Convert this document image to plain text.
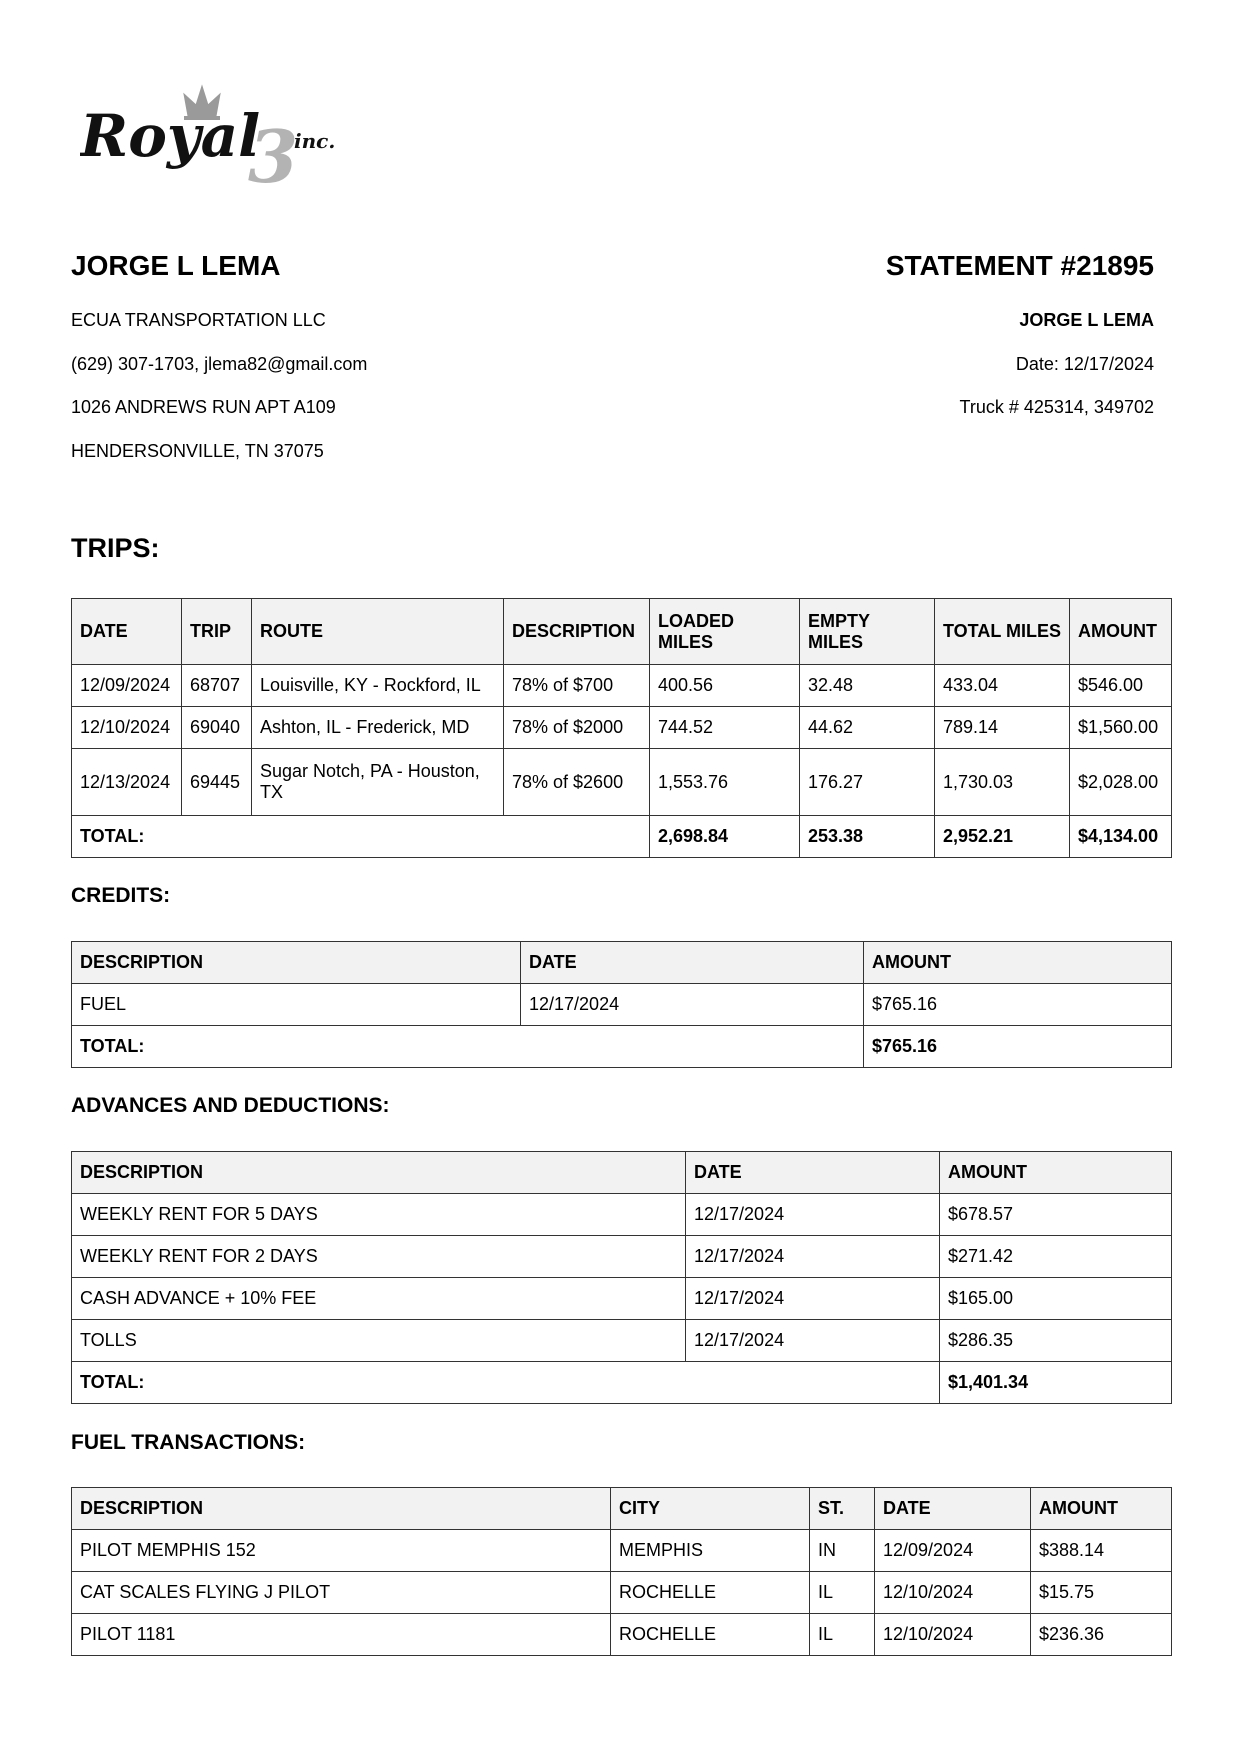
3
Royal inc.
JORGE L LEMA
ECUA TRANSPORTATION LLC
(629) 307-1703, jlema82@gmail.com
1026 ANDREWS RUN APT A109
HENDERSONVILLE, TN 37075
STATEMENT #21895
JORGE L LEMA
Date: 12/17/2024
Truck # 425314, 349702
TRIPS:
DATE	TRIP	ROUTE	DESCRIPTION	LOADED MILES	EMPTY MILES	TOTAL MILES	AMOUNT
12/09/2024	68707	Louisville, KY - Rockford, IL	78% of $700	400.56	32.48	433.04	$546.00
12/10/2024	69040	Ashton, IL - Frederick, MD	78% of $2000	744.52	44.62	789.14	$1,560.00
12/13/2024	69445	Sugar Notch, PA - Houston, TX	78% of $2600	1,553.76	176.27	1,730.03	$2,028.00
TOTAL:				2,698.84	253.38	2,952.21	$4,134.00
CREDITS:
DESCRIPTION	DATE	AMOUNT
FUEL	12/17/2024	$765.16
TOTAL:		$765.16
ADVANCES AND DEDUCTIONS:
DESCRIPTION	DATE	AMOUNT
WEEKLY RENT FOR 5 DAYS	12/17/2024	$678.57
WEEKLY RENT FOR 2 DAYS	12/17/2024	$271.42
CASH ADVANCE + 10% FEE	12/17/2024	$165.00
TOLLS	12/17/2024	$286.35
TOTAL:		$1,401.34
FUEL TRANSACTIONS:
DESCRIPTION	CITY	ST.	DATE	AMOUNT
PILOT MEMPHIS 152	MEMPHIS	IN	12/09/2024	$388.14
CAT SCALES FLYING J PILOT	ROCHELLE	IL	12/10/2024	$15.75
PILOT 1181	ROCHELLE	IL	12/10/2024	$236.36
